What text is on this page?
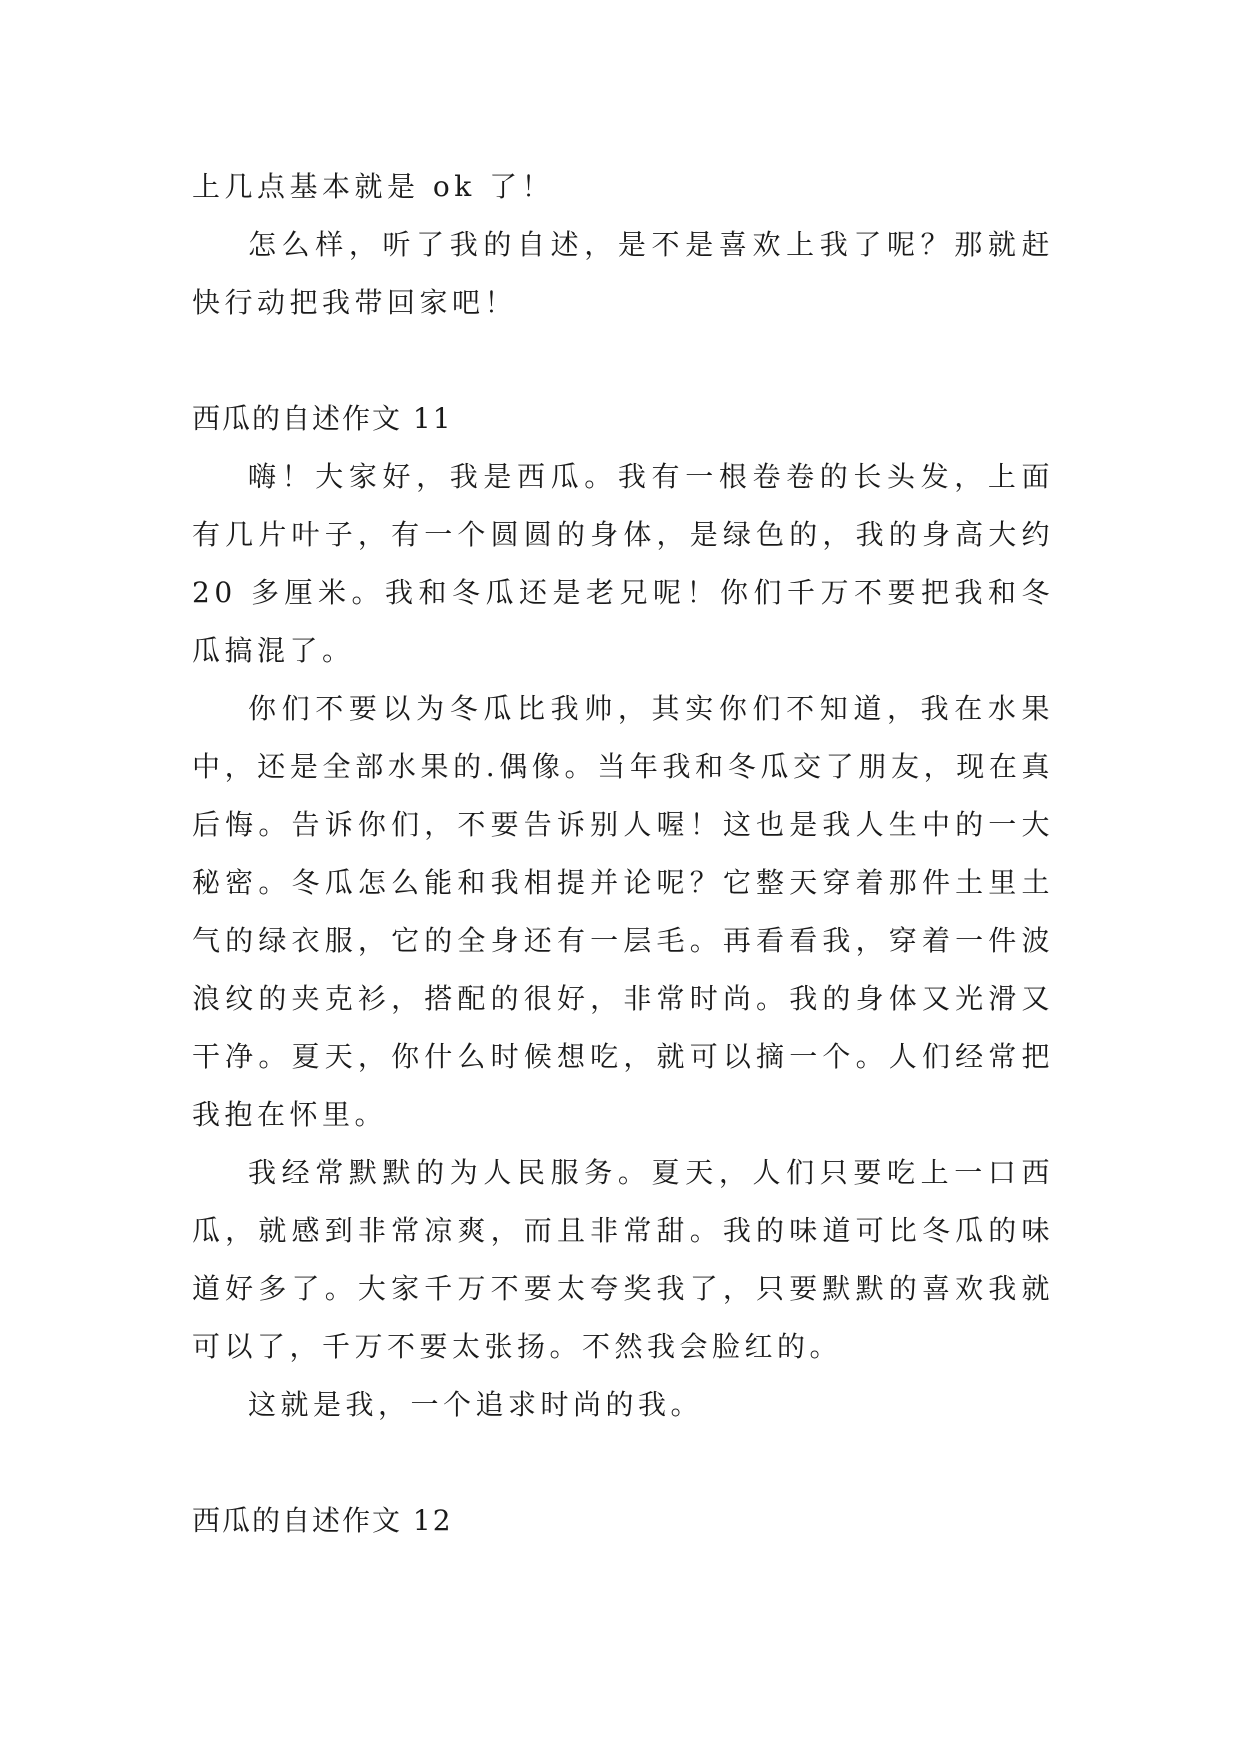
上几点基本就是 ok 了！

怎么样，听了我的自述，是不是喜欢上我了呢？那就赶快行动把我带回家吧！

西瓜的自述作文 11

嗨！大家好，我是西瓜。我有一根卷卷的长头发，上面有几片叶子，有一个圆圆的身体，是绿色的，我的身高大约 20 多厘米。我和冬瓜还是老兄呢！你们千万不要把我和冬瓜搞混了。

你们不要以为冬瓜比我帅，其实你们不知道，我在水果中，还是全部水果的.偶像。当年我和冬瓜交了朋友，现在真后悔。告诉你们，不要告诉别人喔！这也是我人生中的一大秘密。冬瓜怎么能和我相提并论呢？它整天穿着那件土里土气的绿衣服，它的全身还有一层毛。再看看我，穿着一件波浪纹的夹克衫，搭配的很好，非常时尚。我的身体又光滑又干净。夏天，你什么时候想吃，就可以摘一个。人们经常把我抱在怀里。

我经常默默的为人民服务。夏天，人们只要吃上一口西瓜，就感到非常凉爽，而且非常甜。我的味道可比冬瓜的味道好多了。大家千万不要太夸奖我了，只要默默的喜欢我就可以了，千万不要太张扬。不然我会脸红的。

这就是我，一个追求时尚的我。

西瓜的自述作文 12
